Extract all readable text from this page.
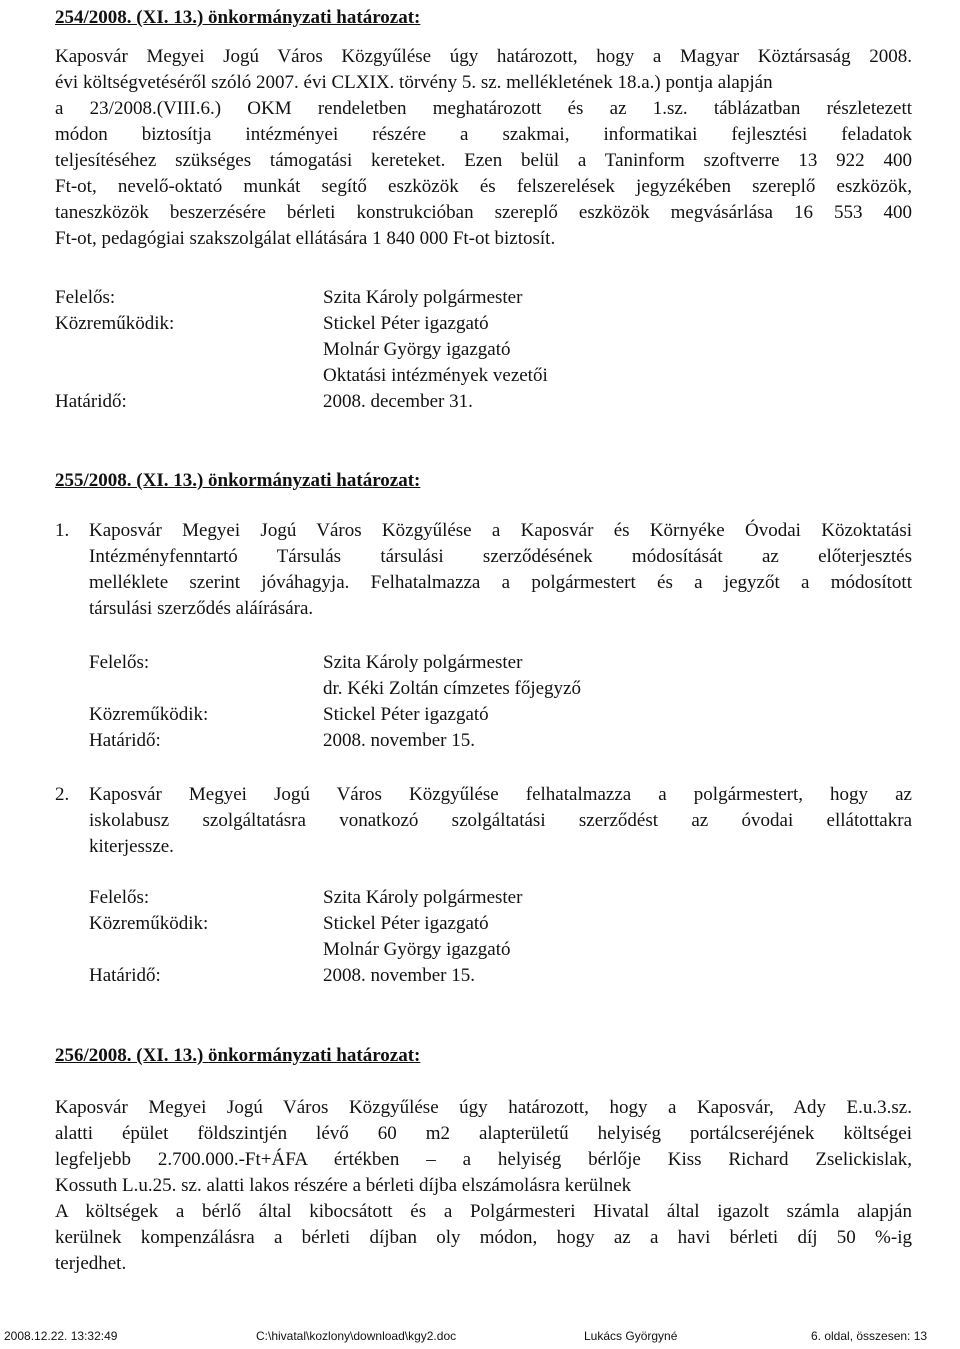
254/2008. (XI. 13.) önkormányzati határozat:
Kaposvár Megyei Jogú Város Közgyűlése úgy határozott, hogy a Magyar Köztársaság 2008.
évi költségvetéséről szóló 2007. évi CLXIX. törvény 5. sz. mellékletének 18.a.) pontja alapján
a 23/2008.(VIII.6.) OKM rendeletben meghatározott és az 1.sz. táblázatban részletezett
módon biztosítja intézményei részére a szakmai, informatikai fejlesztési feladatok
teljesítéséhez szükséges támogatási kereteket. Ezen belül a Taninform szoftverre 13 922 400
Ft-ot, nevelő-oktató munkát segítő eszközök és felszerelések jegyzékében szereplő eszközök,
taneszközök beszerzésére bérleti konstrukcióban szereplő eszközök megvásárlása 16 553 400
Ft-ot, pedagógiai szakszolgálat ellátására 1 840 000 Ft-ot biztosít.
Felelős:	Szita Károly polgármester
Közreműködik:	Stickel Péter igazgató
Molnár György igazgató
Oktatási intézmények vezetői
Határidő:	2008. december 31.
255/2008. (XI. 13.) önkormányzati határozat:
1. Kaposvár Megyei Jogú Város Közgyűlése a Kaposvár és Környéke Óvodai Közoktatási
Intézményfenntartó Társulás társulási szerződésének módosítását az előterjesztés
melléklete szerint jóváhagyja. Felhatalmazza a polgármestert és a jegyzőt a módosított
társulási szerződés aláírására.
Felelős:	Szita Károly polgármester
dr. Kéki Zoltán címzetes főjegyző
Közreműködik:	Stickel Péter igazgató
Határidő:	2008. november 15.
2. Kaposvár Megyei Jogú Város Közgyűlése felhatalmazza a polgármestert, hogy az
iskolabusz szolgáltatásra vonatkozó szolgáltatási szerződést az óvodai ellátottakra
kiterjessze.
Felelős:	Szita Károly polgármester
Közreműködik:	Stickel Péter igazgató
Molnár György igazgató
Határidő:	2008. november 15.
256/2008. (XI. 13.) önkormányzati határozat:
Kaposvár Megyei Jogú Város Közgyűlése úgy határozott, hogy a Kaposvár, Ady E.u.3.sz.
alatti épület földszintjén lévő 60 m2 alapterületű helyiség portálcseréjének költségei
legfeljebb 2.700.000.-Ft+ÁFA értékben – a helyiség bérlője Kiss Richard Zselickislak,
Kossuth L.u.25. sz. alatti lakos részére a bérleti díjba elszámolásra kerülnek
A költségek a bérlő által kibocsátott és a Polgármesteri Hivatal által igazolt számla alapján
kerülnek kompenzálásra a bérleti díjban oly módon, hogy az a havi bérleti díj 50 %-ig
terjedhet.
2008.12.22. 13:32:49	C:\hivatal\kozlony\download\kgy2.doc	Lukács Györgyné	6. oldal, összesen: 13
